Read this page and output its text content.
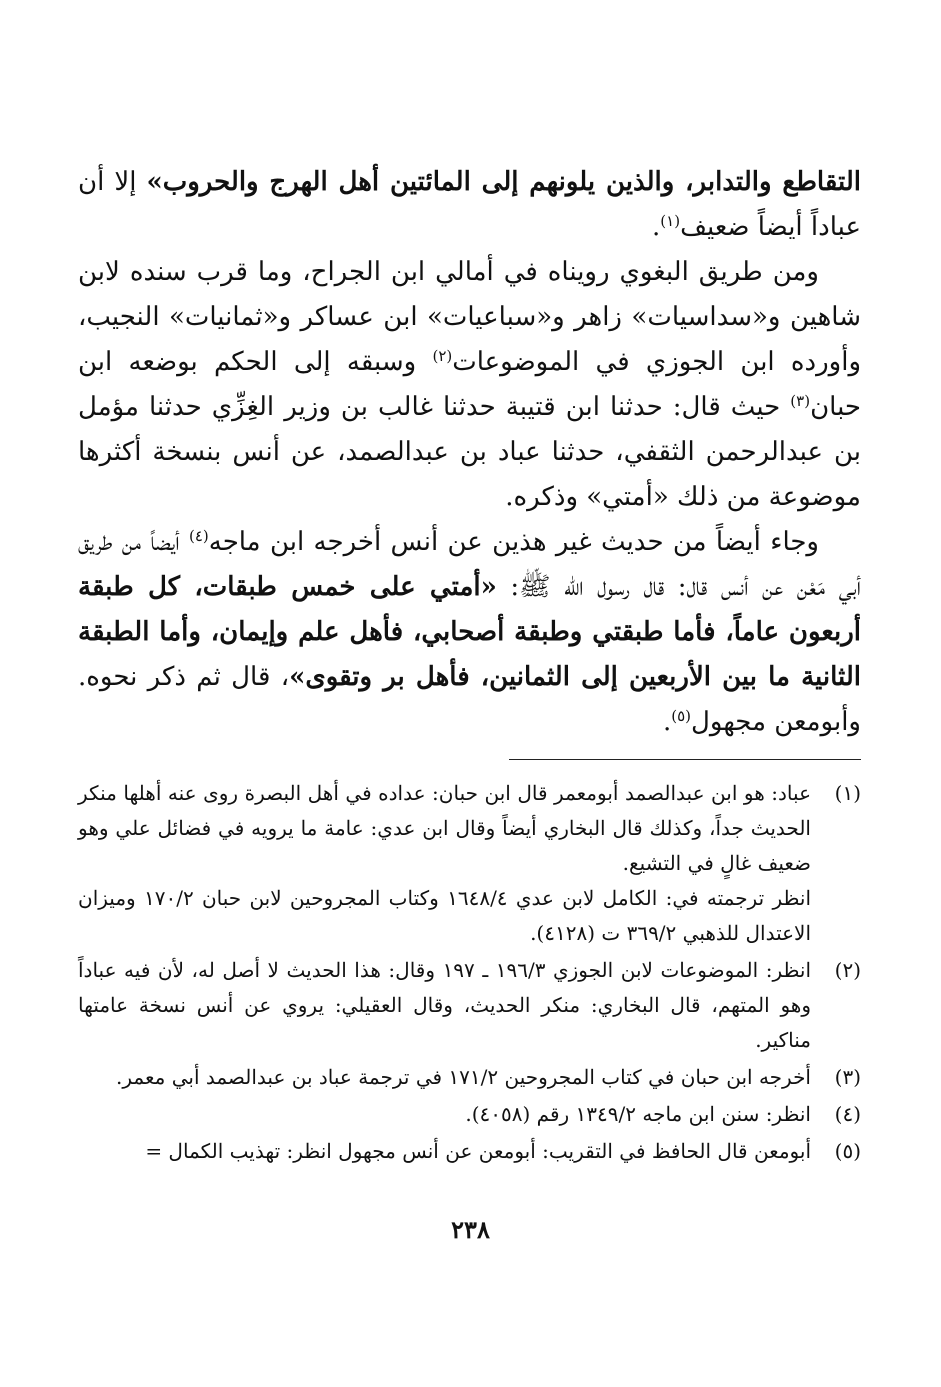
التقاطع والتدابر، والذين يلونهم إلى المائتين أهل الهرج والحروب» إلا أن عباداً أيضاً ضعيف$^{(١)}$.

ومن طريق البغوي رويناه في أمالي ابن الجراح، وما قرب سنده لابن شاهين و«سداسيات» زاهر و«سباعيات» ابن عساكر و«ثمانيات» النجيب، وأورده ابن الجوزي في الموضوعات$^{(٢)}$ وسبقه إلى الحكم بوضعه ابن حبان$^{(٣)}$ حيث قال: حدثنا ابن قتيبة حدثنا غالب بن وزير الغِزِّي حدثنا مؤمل بن عبدالرحمن الثقفي، حدثنا عباد بن عبدالصمد، عن أنس بنسخة أكثرها موضوعة من ذلك «أمتي» وذكره.

وجاء أيضاً من حديث غير هذين عن أنس أخرجه ابن ماجه$^{(٤)}$ أيضاً من طريق أبي مَعْن عن أنس قال: قال رسول الله ﷺ: «أمتي على خمس طبقات، كل طبقة أربعون عاماً، فأما طبقتي وطبقة أصحابي، فأهل علم وإيمان، وأما الطبقة الثانية ما بين الأربعين إلى الثمانين، فأهل بر وتقوى»، قال ثم ذكر نحوه. وأبومعن مجهول$^{(٥)}$.

(١)

عباد: هو ابن عبدالصمد أبومعمر قال ابن حبان: عداده في أهل البصرة روى عنه أهلها منكر الحديث جداً، وكذلك قال البخاري أيضاً وقال ابن عدي: عامة ما يرويه في فضائل علي وهو ضعيف غالٍ في التشيع.

انظر ترجمته في: الكامل لابن عدي ١٦٤٨/٤ وكتاب المجروحين لابن حبان ١٧٠/٢ وميزان الاعتدال للذهبي ٣٦٩/٢ ت (٤١٢٨).

(٢)

انظر: الموضوعات لابن الجوزي ١٩٦/٣ ـ ١٩٧ وقال: هذا الحديث لا أصل له، لأن فيه عباداً وهو المتهم، قال البخاري: منكر الحديث، وقال العقيلي: يروي عن أنس نسخة عامتها مناكير.

(٣)

أخرجه ابن حبان في كتاب المجروحين ١٧١/٢ في ترجمة عباد بن عبدالصمد أبي معمر.

(٤)

انظر: سنن ابن ماجه ١٣٤٩/٢ رقم (٤٠٥٨).

(٥)

أبومعن قال الحافظ في التقريب: أبومعن عن أنس مجهول انظر: تهذيب الكمال =

٢٣٨
